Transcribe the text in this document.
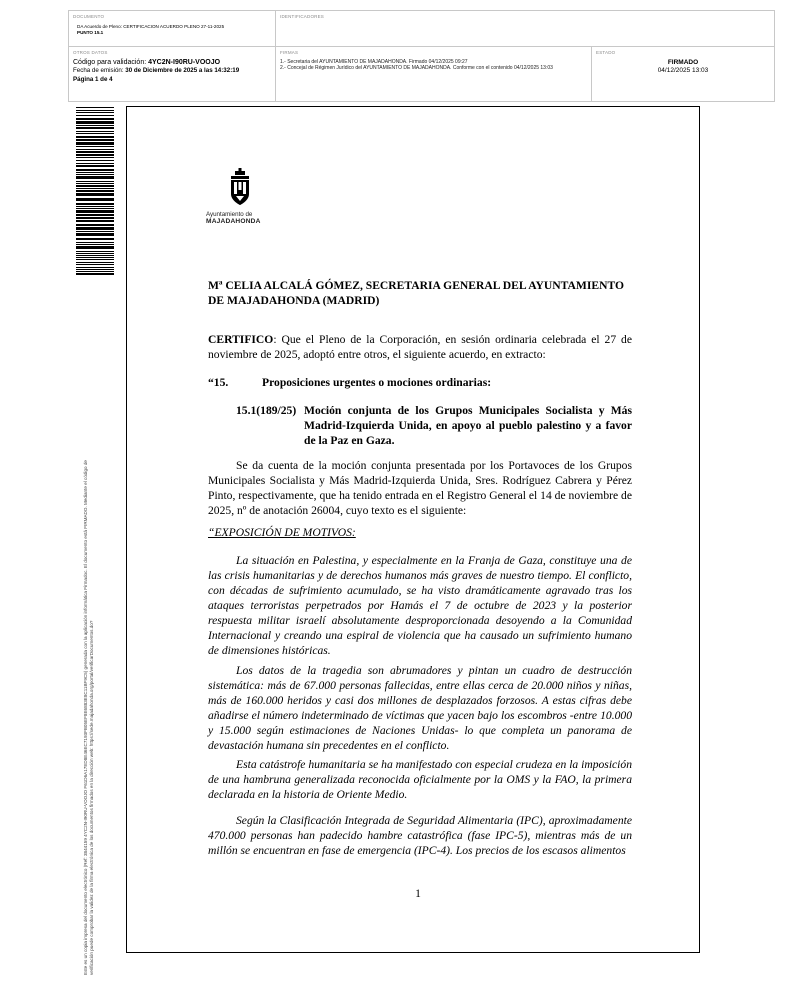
DOCUMENTO
DA Acuerdo de Pleno: CERTIFICACION ACUERDO PLENO 27-11-2025
PUNTO 15.1
IDENTIFICADORES
OTROS DATOS
Código para validación: 4YC2N-I90RU-VOOJO
Fecha de emisión: 30 de Diciembre de 2025 a las 14:32:19
Página 1 de 4
FIRMAS
1.- Secretaria del AYUNTAMIENTO DE MAJADAHONDA. Firmado 04/12/2025 09:27
2.- Concejal de Régimen Jurídico del AYUNTAMIENTO DE MAJADAHONDA. Conforme con el contenido 04/12/2025 13:03
ESTADO
FIRMADO
04/12/2025 13:03
Este es un copia impresa del documento electrónico (Ref: 3844159 4YC2N-I90RU-VOOJO F61D6A17ED8E46EC7193FB05EF8E6883E8C11BF9C5) generada con la aplicación informática Firmadoc. El documento está FIRMADO. Mediante el código de verificación puede comprobar la validez de la firma electrónica de los documentos firmados en la dirección web: https://sede.majadahonda.org/portal/verificarDocumentos.do?
Ayuntamiento de
MAJADAHONDA
Mª CELIA ALCALÁ GÓMEZ, SECRETARIA GENERAL DEL AYUNTAMIENTO DE MAJADAHONDA (MADRID)
CERTIFICO: Que el Pleno de la Corporación, en sesión ordinaria celebrada el 27 de noviembre de 2025, adoptó entre otros, el siguiente acuerdo, en extracto:
“15.	Proposiciones urgentes o mociones ordinarias:
15.1(189/25) Moción conjunta de los Grupos Municipales Socialista y Más Madrid-Izquierda Unida, en apoyo al pueblo palestino y a favor de la Paz en Gaza.
Se da cuenta de la moción conjunta presentada por los Portavoces de los Grupos Municipales Socialista y Más Madrid-Izquierda Unida, Sres. Rodríguez Cabrera y Pérez Pinto, respectivamente, que ha tenido entrada en el Registro General el 14 de noviembre de 2025, nº de anotación 26004, cuyo texto es el siguiente:
“EXPOSICIÓN DE MOTIVOS:
La situación en Palestina, y especialmente en la Franja de Gaza, constituye una de las crisis humanitarias y de derechos humanos más graves de nuestro tiempo. El conflicto, con décadas de sufrimiento acumulado, se ha visto dramáticamente agravado tras los ataques terroristas perpetrados por Hamás el 7 de octubre de 2023 y la posterior respuesta militar israelí absolutamente desproporcionada desoyendo a la Comunidad Internacional y creando una espiral de violencia que ha causado un sufrimiento humano de dimensiones históricas.
Los datos de la tragedia son abrumadores y pintan un cuadro de destrucción sistemática: más de 67.000 personas fallecidas, entre ellas cerca de 20.000 niños y niñas, más de 160.000 heridos y casi dos millones de desplazados forzosos. A estas cifras debe añadirse el número indeterminado de víctimas que yacen bajo los escombros -entre 10.000 y 15.000 según estimaciones de Naciones Unidas- lo que completa un panorama de devastación humana sin precedentes en el conflicto.
Esta catástrofe humanitaria se ha manifestado con especial crudeza en la imposición de una hambruna generalizada reconocida oficialmente por la OMS y la FAO, la primera declarada en la historia de Oriente Medio.
Según la Clasificación Integrada de Seguridad Alimentaria (IPC), aproximadamente 470.000 personas han padecido hambre catastrófica (fase IPC-5), mientras más de un millón se encuentran en fase de emergencia (IPC-4). Los precios de los escasos alimentos
1
